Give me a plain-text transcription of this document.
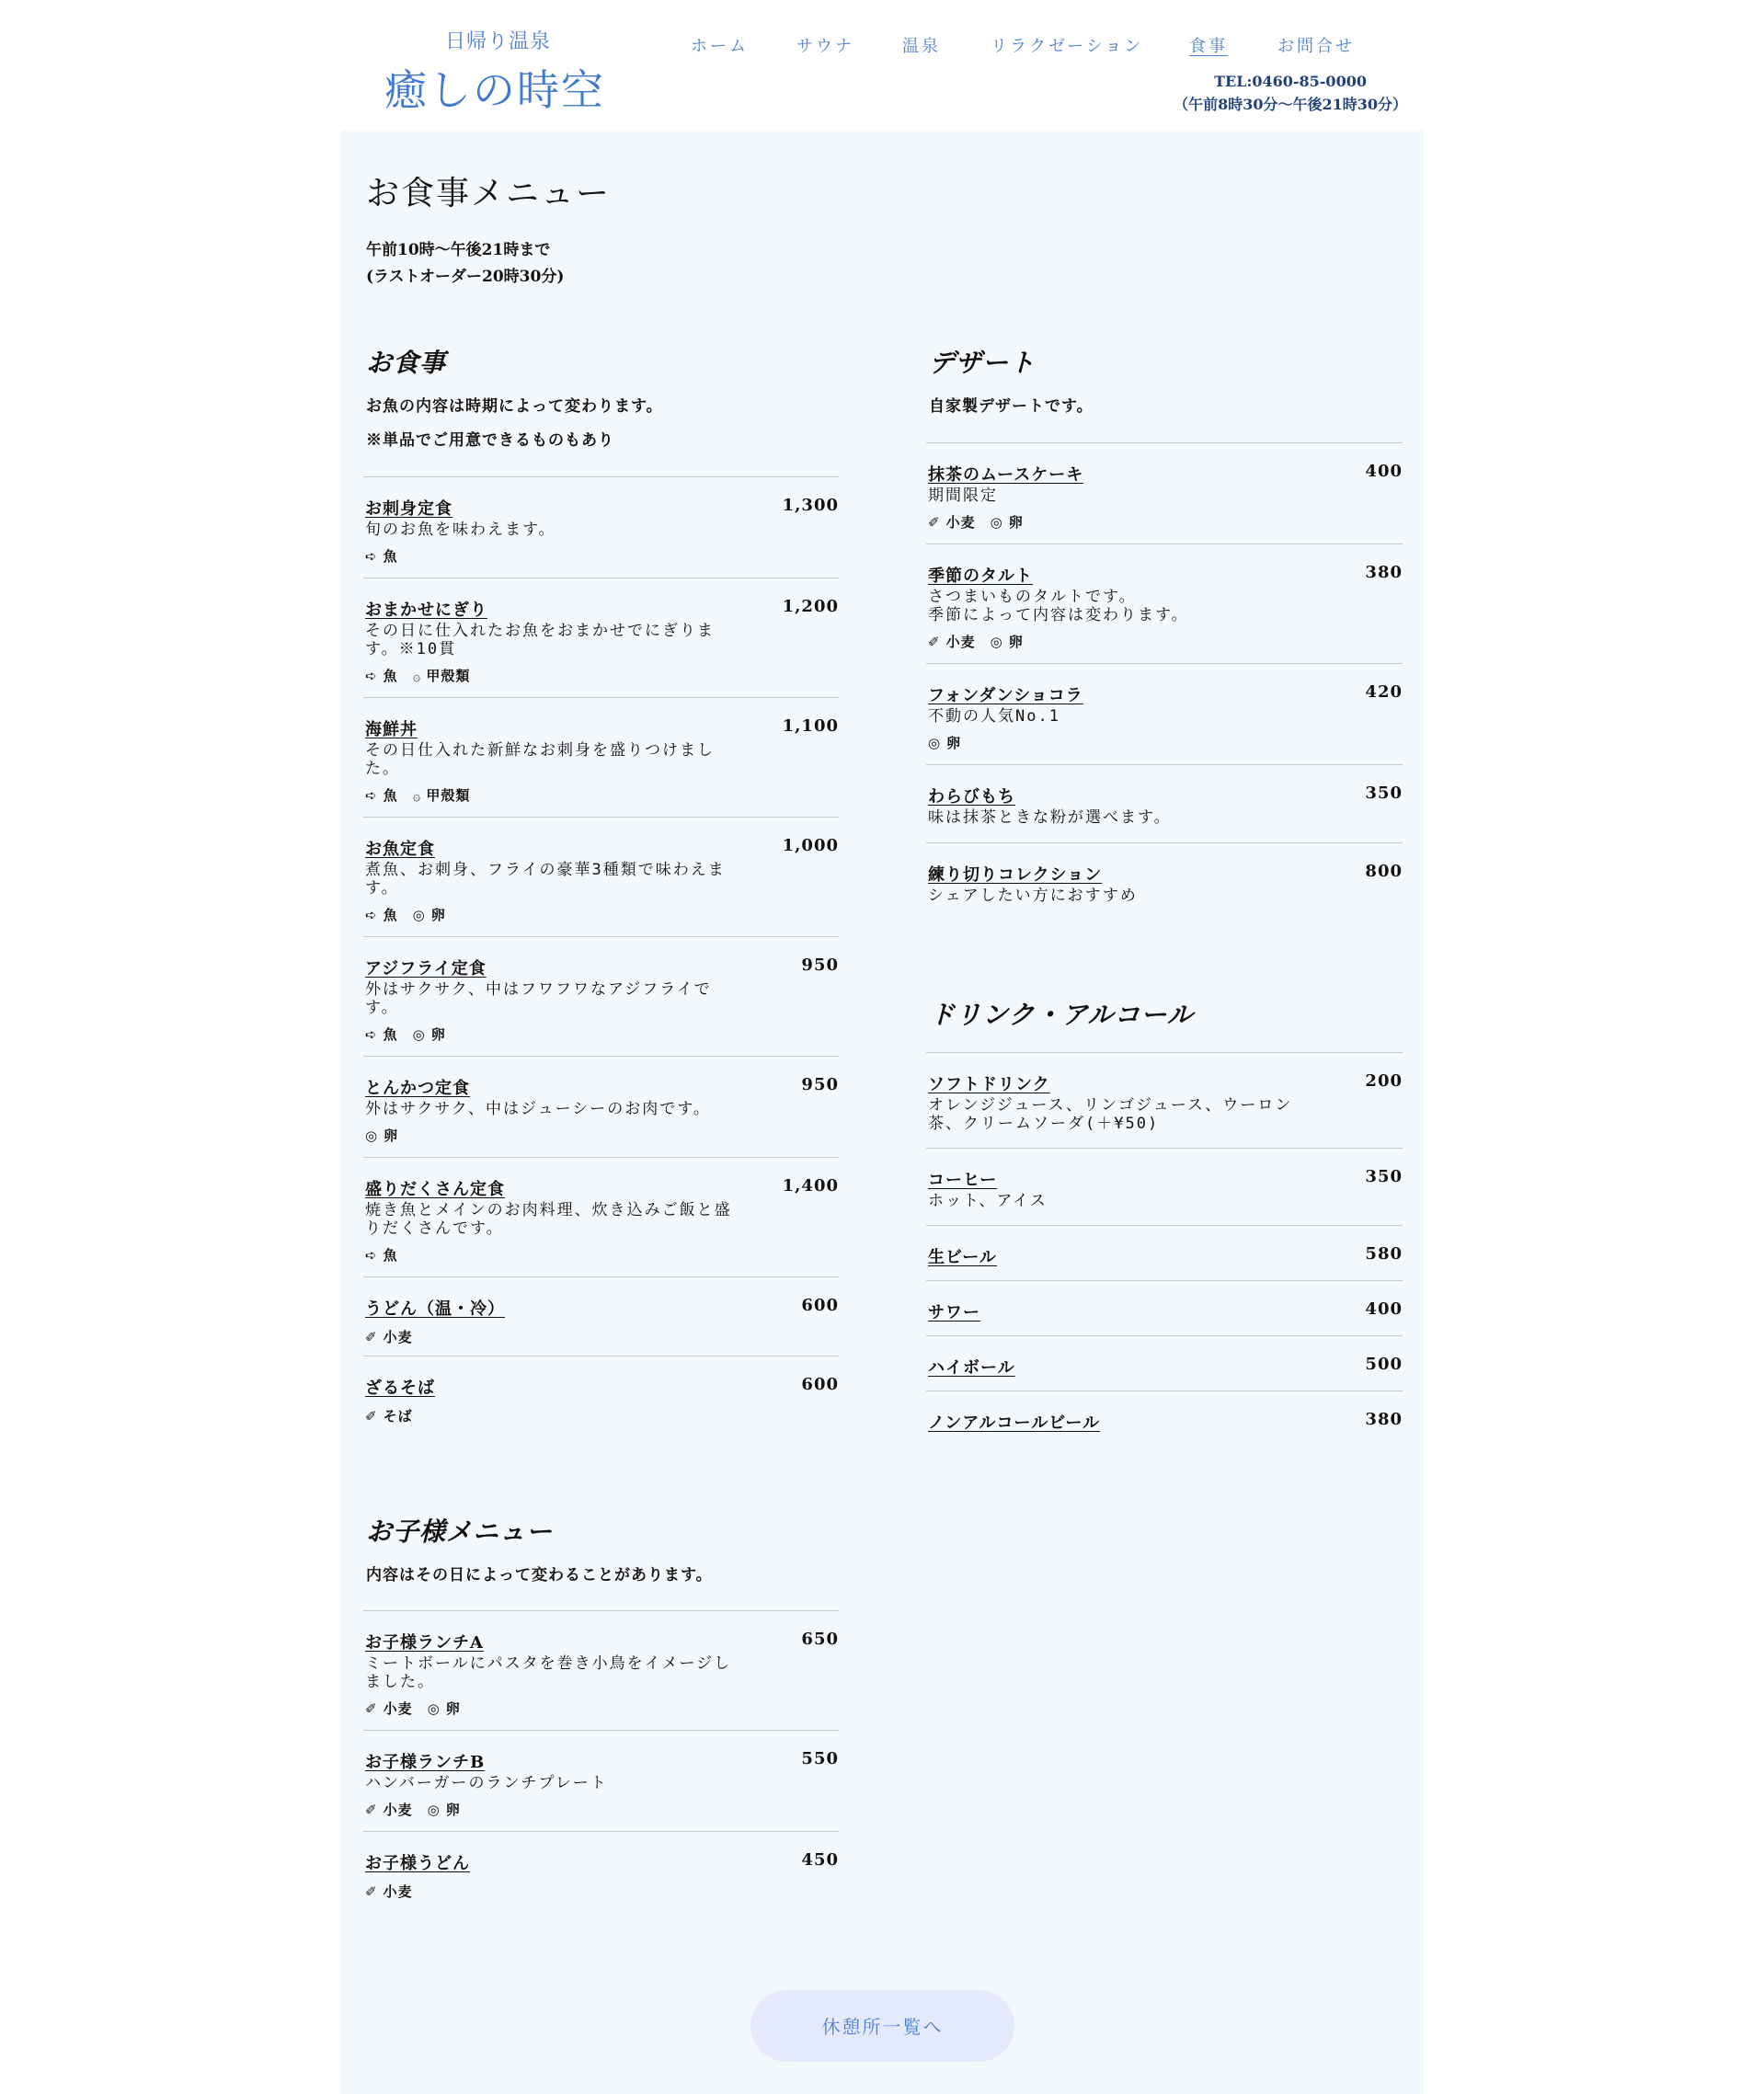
日帰り温泉
癒しの時空
ホーム	サウナ	温泉	リラクゼーション	食事	お問合せ
TEL:0460-85-0000
（午前8時30分～午後21時30分）
お食事メニュー
午前10時～午後21時まで
(ラストオーダー20時30分)
お食事
お魚の内容は時期によって変わります。
※単品でご用意できるものもあり
お刺身定食	1,300
旬のお魚を味わえます。
➪ 魚
おまかせにぎり	1,200
その日に仕入れたお魚をおまかせでにぎります。※10貫
➪ 魚 ۞ 甲殻類
海鮮丼	1,100
その日仕入れた新鮮なお刺身を盛りつけました。
➪ 魚 ۞ 甲殻類
お魚定食	1,000
煮魚、お刺身、フライの豪華3種類で味わえます。
➪ 魚 ◎ 卵
アジフライ定食	950
外はサクサク、中はフワフワなアジフライです。
➪ 魚 ◎ 卵
とんかつ定食	950
外はサクサク、中はジューシーのお肉です。
◎ 卵
盛りだくさん定食	1,400
焼き魚とメインのお肉料理、炊き込みご飯と盛りだくさんです。
➪ 魚
うどん（温・冷）	600
✐ 小麦
ざるそば	600
✐ そば
お子様メニュー
内容はその日によって変わることがあります。
お子様ランチA	650
ミートボールにパスタを巻き小鳥をイメージしました。
✐ 小麦 ◎ 卵
お子様ランチB	550
ハンバーガーのランチプレート
✐ 小麦 ◎ 卵
お子様うどん	450
✐ 小麦
デザート
自家製デザートです。
抹茶のムースケーキ	400
期間限定
✐ 小麦 ◎ 卵
季節のタルト	380
さつまいものタルトです。
季節によって内容は変わります。
✐ 小麦 ◎ 卵
フォンダンショコラ	420
不動の人気No.1
◎ 卵
わらびもち	350
味は抹茶ときな粉が選べます。
練り切りコレクション	800
シェアしたい方におすすめ
ドリンク・アルコール
ソフトドリンク	200
オレンジジュース、リンゴジュース、ウーロン茶、クリームソーダ(＋¥50)
コーヒー	350
ホット、アイス
生ビール	580
サワー	400
ハイボール	500
ノンアルコールビール	380
休憩所一覧へ
